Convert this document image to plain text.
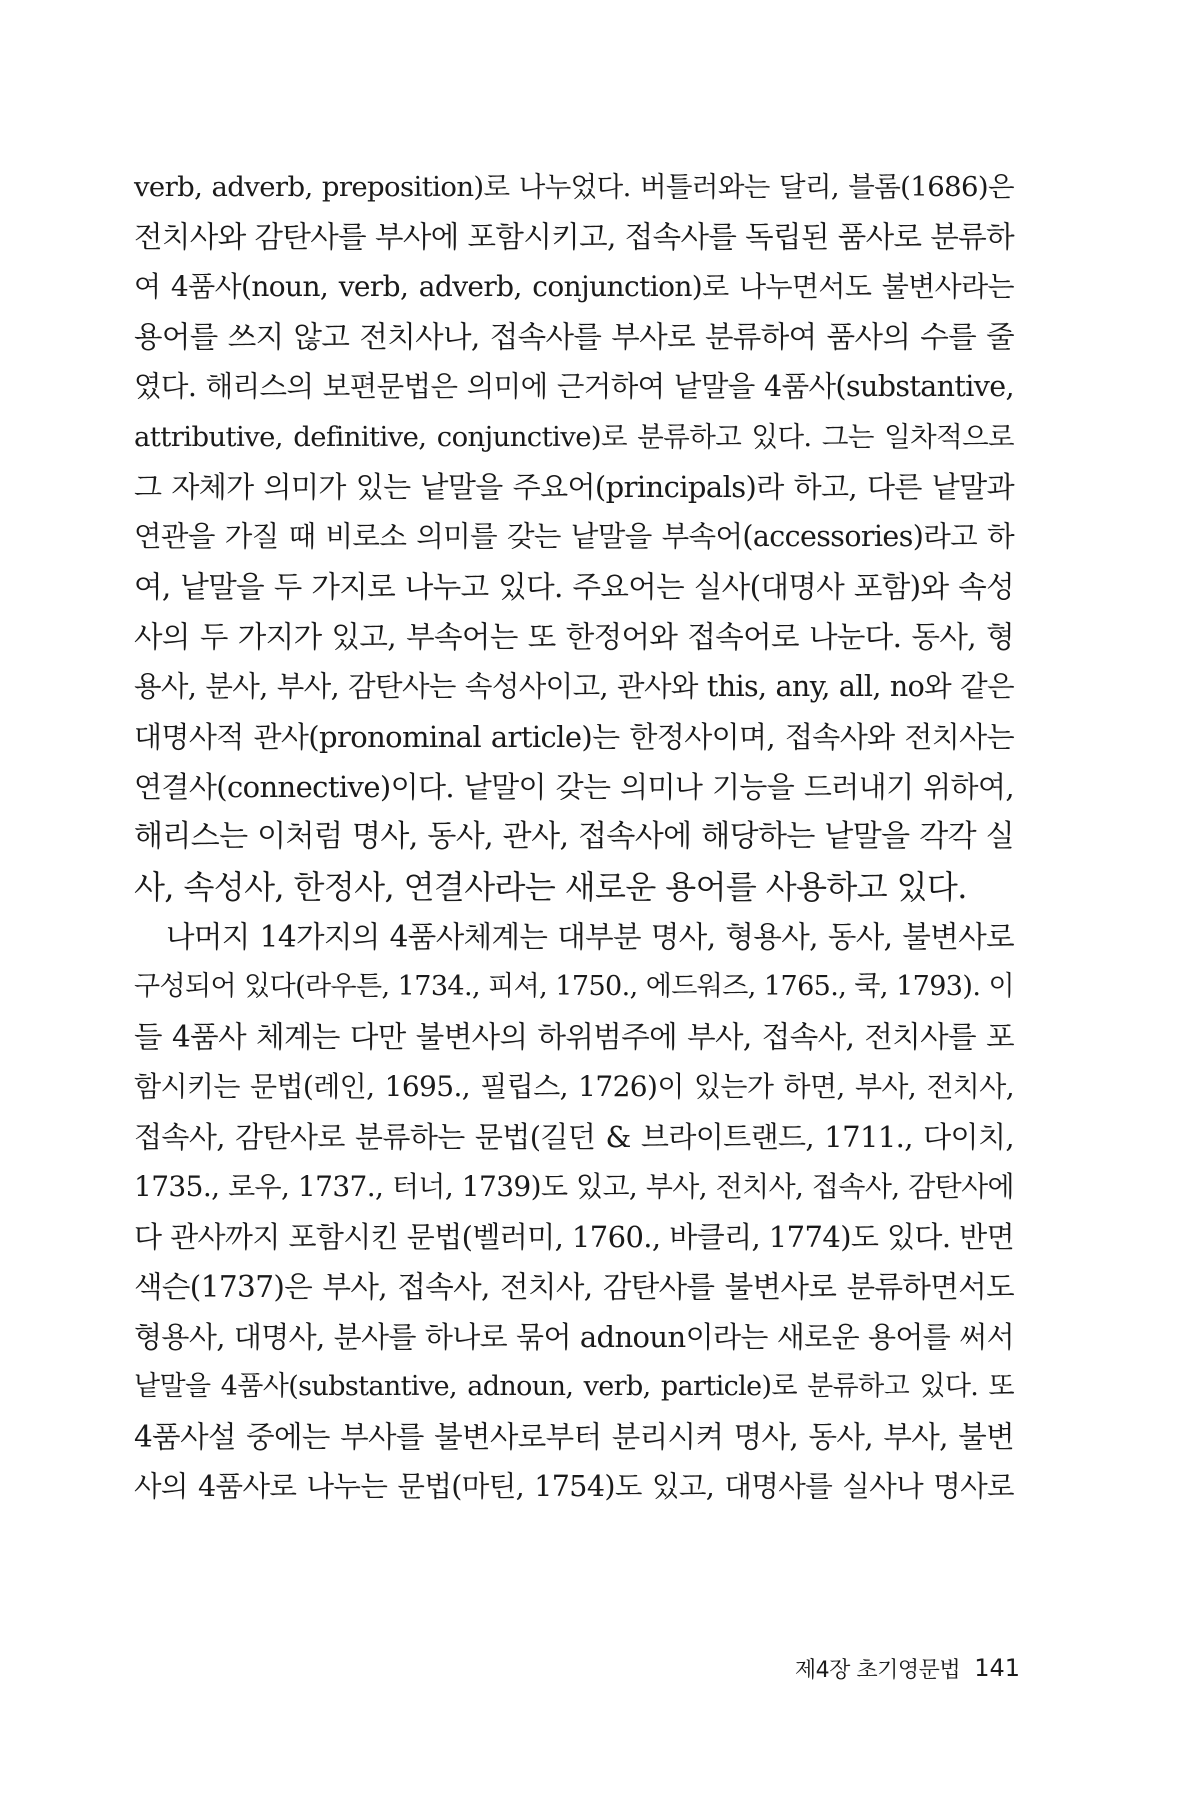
verb, adverb, preposition)로 나누었다. 버틀러와는 달리, 블롬(1686)은
전치사와 감탄사를 부사에 포함시키고, 접속사를 독립된 품사로 분류하
여 4품사(noun, verb, adverb, conjunction)로 나누면서도 불변사라는
용어를 쓰지 않고 전치사나, 접속사를 부사로 분류하여 품사의 수를 줄
였다. 해리스의 보편문법은 의미에 근거하여 낱말을 4품사(substantive,
attributive, definitive, conjunctive)로 분류하고 있다. 그는 일차적으로
그 자체가 의미가 있는 낱말을 주요어(principals)라 하고, 다른 낱말과
연관을 가질 때 비로소 의미를 갖는 낱말을 부속어(accessories)라고 하
여, 낱말을 두 가지로 나누고 있다. 주요어는 실사(대명사 포함)와 속성
사의 두 가지가 있고, 부속어는 또 한정어와 접속어로 나눈다. 동사, 형
용사, 분사, 부사, 감탄사는 속성사이고, 관사와 this, any, all, no와 같은
대명사적 관사(pronominal article)는 한정사이며, 접속사와 전치사는
연결사(connective)이다. 낱말이 갖는 의미나 기능을 드러내기 위하여,
해리스는 이처럼 명사, 동사, 관사, 접속사에 해당하는 낱말을 각각 실
사, 속성사, 한정사, 연결사라는 새로운 용어를 사용하고 있다.
나머지 14가지의 4품사체계는 대부분 명사, 형용사, 동사, 불변사로
구성되어 있다(라우튼, 1734., 피셔, 1750., 에드워즈, 1765., 쿡, 1793). 이
들 4품사 체계는 다만 불변사의 하위범주에 부사, 접속사, 전치사를 포
함시키는 문법(레인, 1695., 필립스, 1726)이 있는가 하면, 부사, 전치사,
접속사, 감탄사로 분류하는 문법(길던 & 브라이트랜드, 1711., 다이치,
1735., 로우, 1737., 터너, 1739)도 있고, 부사, 전치사, 접속사, 감탄사에
다 관사까지 포함시킨 문법(벨러미, 1760., 바클리, 1774)도 있다. 반면
색슨(1737)은 부사, 접속사, 전치사, 감탄사를 불변사로 분류하면서도
형용사, 대명사, 분사를 하나로 묶어 adnoun이라는 새로운 용어를 써서
낱말을 4품사(substantive, adnoun, verb, particle)로 분류하고 있다. 또
4품사설 중에는 부사를 불변사로부터 분리시켜 명사, 동사, 부사, 불변
사의 4품사로 나누는 문법(마틴, 1754)도 있고, 대명사를 실사나 명사로
제4장 초기영문법 141
